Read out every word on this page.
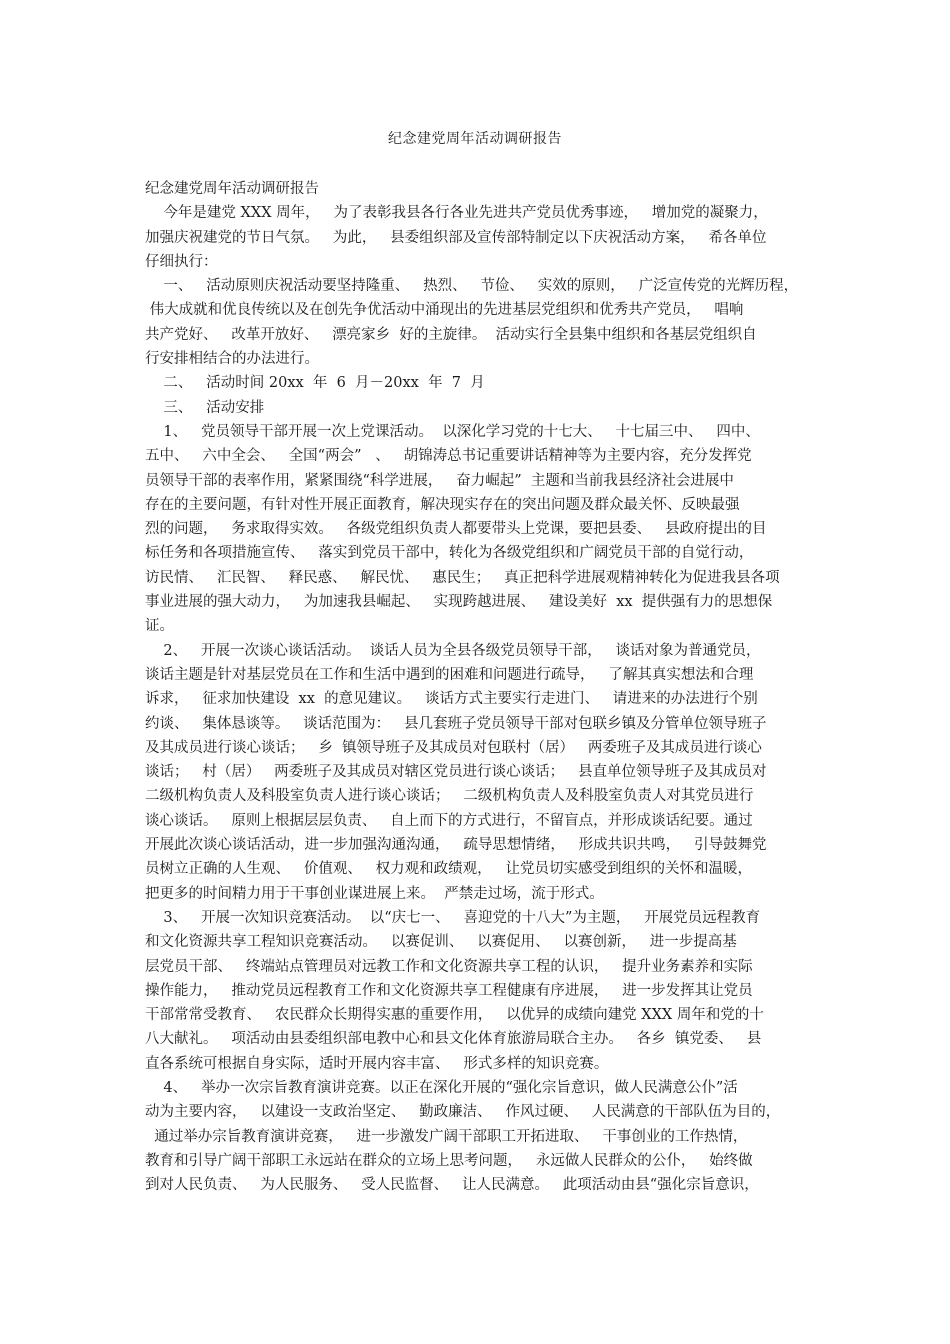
纪念建党周年活动调研报告
纪念建党周年活动调研报告
今年是建党 XXX 周年，   为了表彰我县各行各业先进共产党员优秀事迹，   增加党的凝聚力，
加强庆祝建党的节日气氛。   为此，   县委组织部及宣传部特制定以下庆祝活动方案，   希各单位
仔细执行：
一、   活动原则庆祝活动要坚持隆重、   热烈、   节俭、   实效的原则，   广泛宣传党的光辉历程，
伟大成就和优良传统以及在创先争优活动中涌现出的先进基层党组织和优秀共产党员，   唱响
共产党好、   改革开放好、   漂亮家乡  好的主旋律。  活动实行全县集中组织和各基层党组织自
行安排相结合的办法进行。
二、   活动时间 20xx  年  6  月－20xx  年  7  月
三、   活动安排
1、   党员领导干部开展一次上党课活动。  以深化学习党的十七大、   十七届三中、   四中、
五中、   六中全会、   全国“两会”   、   胡锦涛总书记重要讲话精神等为主要内容，充分发挥党
员领导干部的表率作用，紧紧围绕“科学进展，   奋力崛起”  主题和当前我县经济社会进展中
存在的主要问题，有针对性开展正面教育，解决现实存在的突出问题及群众最关怀、反映最强
烈的问题，   务求取得实效。   各级党组织负责人都要带头上党课，要把县委、   县政府提出的目
标任务和各项措施宣传、   落实到党员干部中，转化为各级党组织和广阔党员干部的自觉行动，
访民情、   汇民智、   释民惑、   解民忧、   惠民生；   真正把科学进展观精神转化为促进我县各项
事业进展的强大动力，   为加速我县崛起、   实现跨越进展、   建设美好  xx  提供强有力的思想保
证。
2、   开展一次谈心谈话活动。  谈话人员为全县各级党员领导干部，   谈话对象为普通党员，
谈话主题是针对基层党员在工作和生活中遇到的困难和问题进行疏导，   了解其真实想法和合理
诉求，   征求加快建设  xx  的意见建议。   谈话方式主要实行走进门、   请进来的办法进行个别
约谈、   集体恳谈等。   谈话范围为：   县几套班子党员领导干部对包联乡镇及分管单位领导班子
及其成员进行谈心谈话；   乡  镇领导班子及其成员对包联村（居）   两委班子及其成员进行谈心
谈话；   村（居）   两委班子及其成员对辖区党员进行谈心谈话；   县直单位领导班子及其成员对
二级机构负责人及科股室负责人进行谈心谈话；   二级机构负责人及科股室负责人对其党员进行
谈心谈话。   原则上根据层层负责、   自上而下的方式进行，不留盲点，并形成谈话纪要。通过
开展此次谈心谈话活动，进一步加强沟通沟通，   疏导思想情绪，   形成共识共鸣，   引导鼓舞党
员树立正确的人生观、   价值观、   权力观和政绩观，   让党员切实感受到组织的关怀和温暖，
把更多的时间精力用于干事创业谋进展上来。  严禁走过场，流于形式。
3、   开展一次知识竞赛活动。  以“庆七一、   喜迎党的十八大”为主题，   开展党员远程教育
和文化资源共享工程知识竞赛活动。   以赛促训、   以赛促用、   以赛创新，   进一步提高基
层党员干部、   终端站点管理员对远教工作和文化资源共享工程的认识，   提升业务素养和实际
操作能力，   推动党员远程教育工作和文化资源共享工程健康有序进展，   进一步发挥其让党员
干部常常受教育、   农民群众长期得实惠的重要作用，   以优异的成绩向建党 XXX 周年和党的十
八大献礼。   项活动由县委组织部电教中心和县文化体育旅游局联合主办。   各乡  镇党委、   县
直各系统可根据自身实际，适时开展内容丰富、   形式多样的知识竞赛。
4、   举办一次宗旨教育演讲竞赛。以正在深化开展的“强化宗旨意识，做人民满意公仆”活
动为主要内容，   以建设一支政治坚定、   勤政廉洁、   作风过硬、   人民满意的干部队伍为目的，
通过举办宗旨教育演讲竞赛，   进一步激发广阔干部职工开拓进取、   干事创业的工作热情，
教育和引导广阔干部职工永远站在群众的立场上思考问题，   永远做人民群众的公仆，   始终做
到对人民负责、   为人民服务、   受人民监督、   让人民满意。   此项活动由县“强化宗旨意识，
